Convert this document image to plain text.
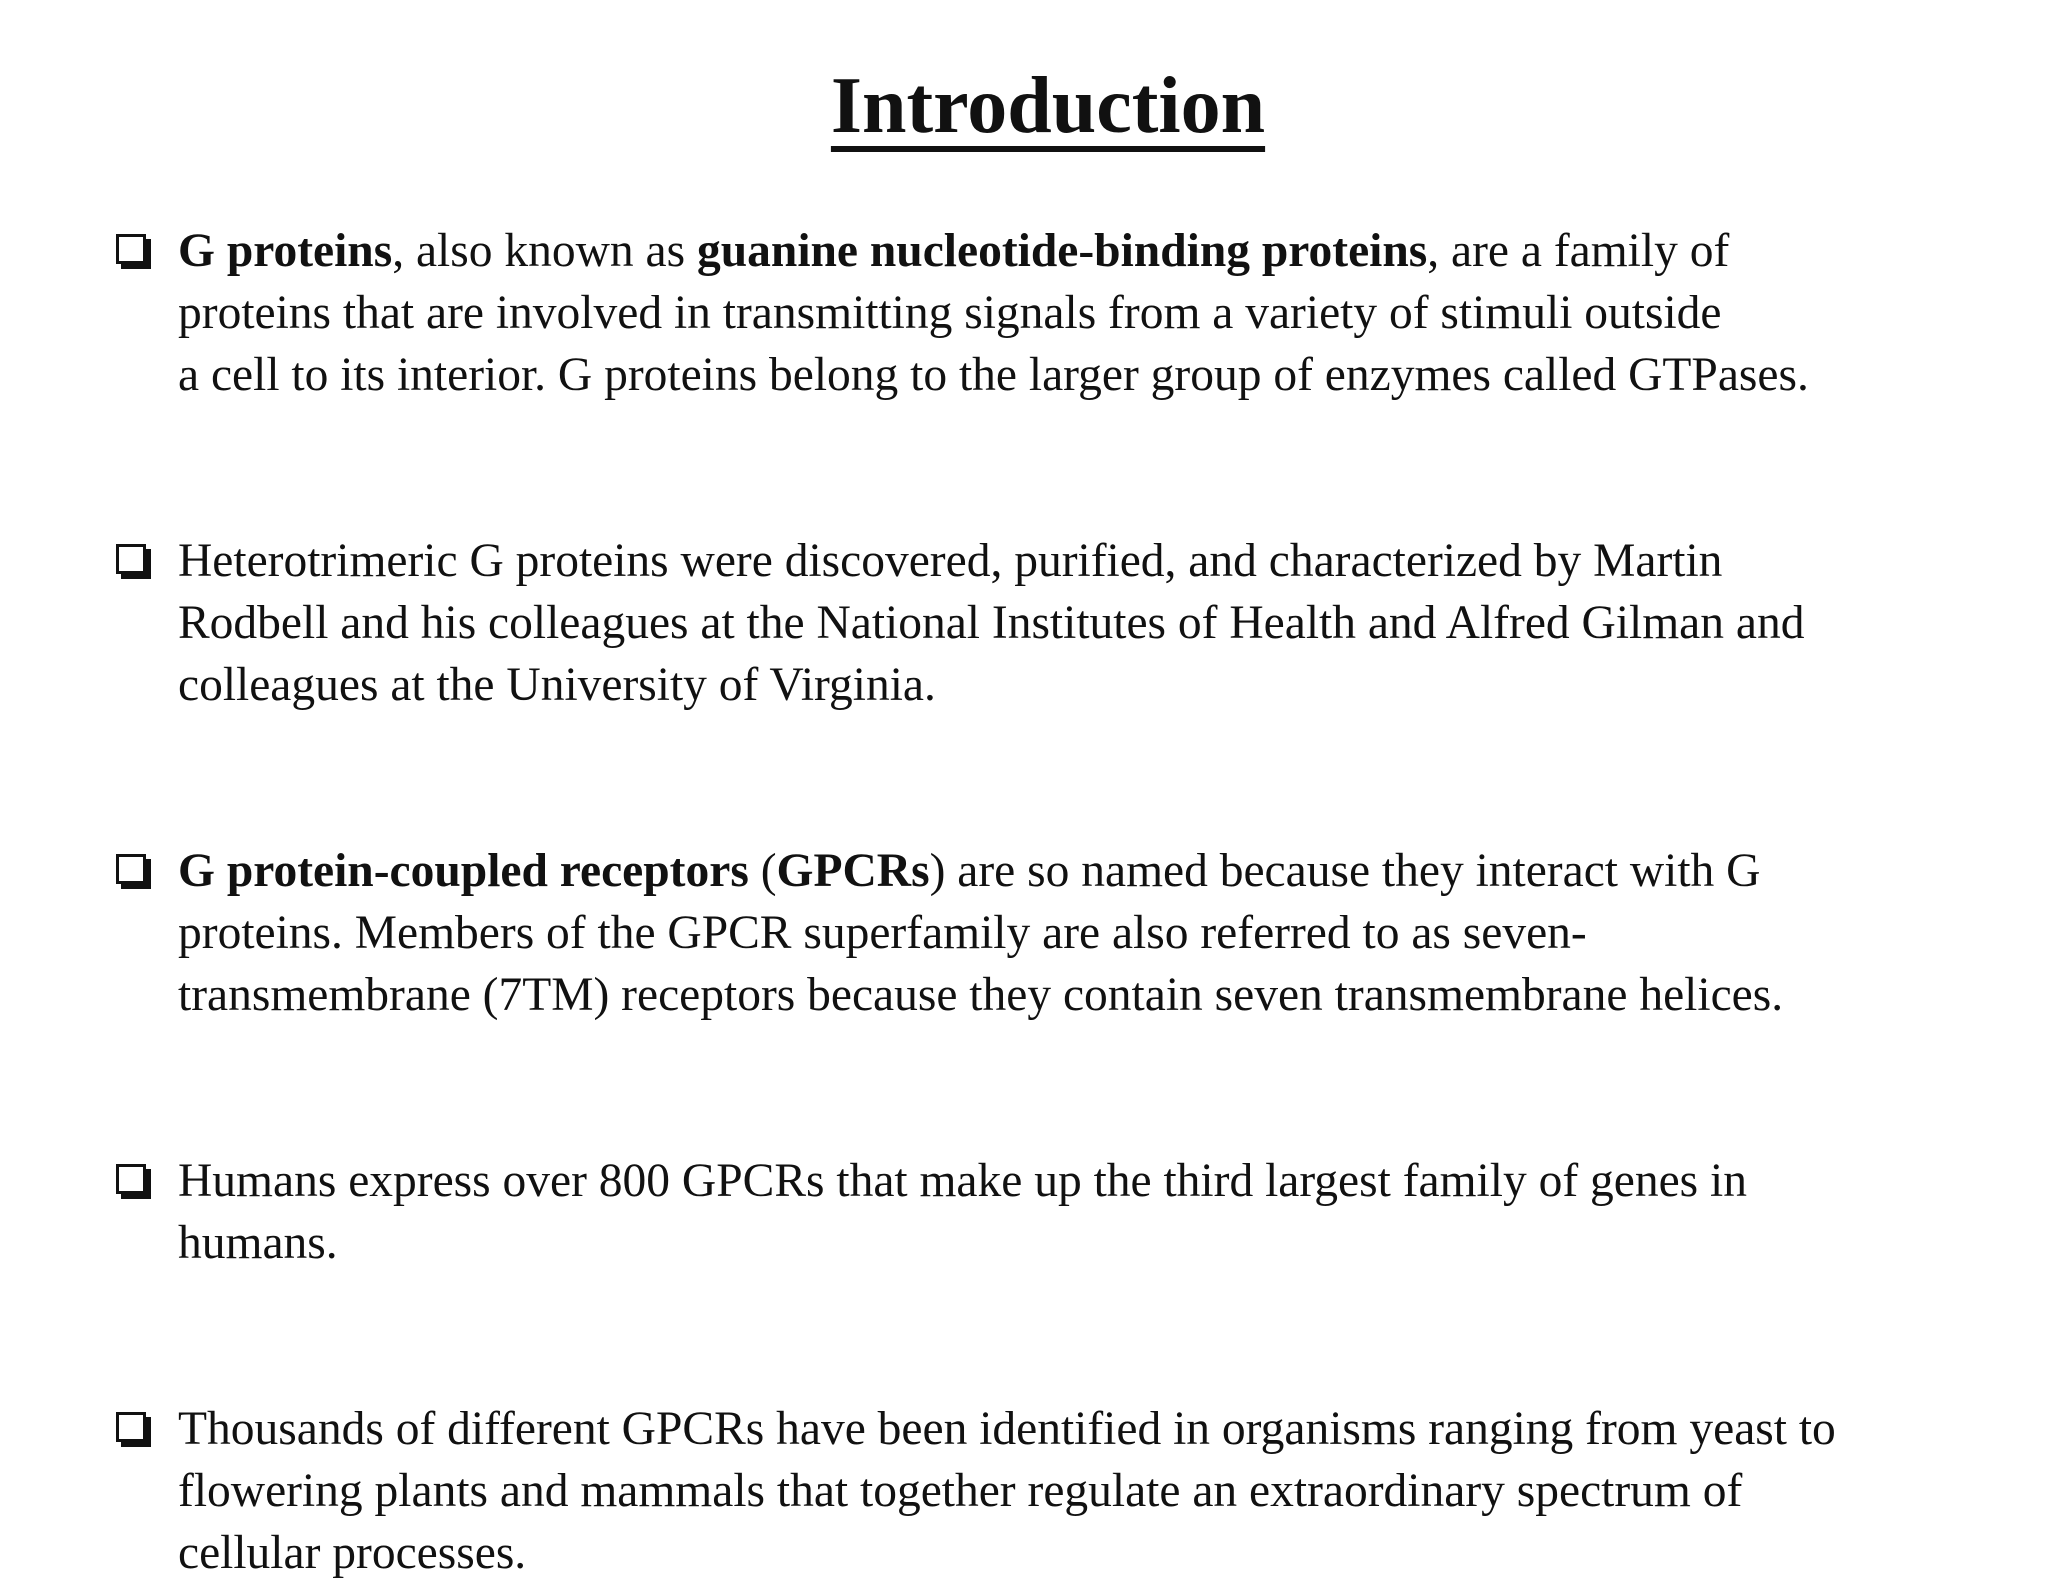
Introduction
G proteins, also known as guanine nucleotide-binding proteins, are a family of
proteins that are involved in transmitting signals from a variety of stimuli outside
a cell to its interior. G proteins belong to the larger group of enzymes called GTPases.
Heterotrimeric G proteins were discovered, purified, and characterized by Martin
Rodbell and his colleagues at the National Institutes of Health and Alfred Gilman and
colleagues at the University of Virginia.
G protein-coupled receptors (GPCRs) are so named because they interact with G
proteins. Members of the GPCR superfamily are also referred to as seven-
transmembrane (7TM) receptors because they contain seven transmembrane helices.
Humans express over 800 GPCRs that make up the third largest family of genes in
humans.
Thousands of different GPCRs have been identified in organisms ranging from yeast to
flowering plants and mammals that together regulate an extraordinary spectrum of
cellular processes.
